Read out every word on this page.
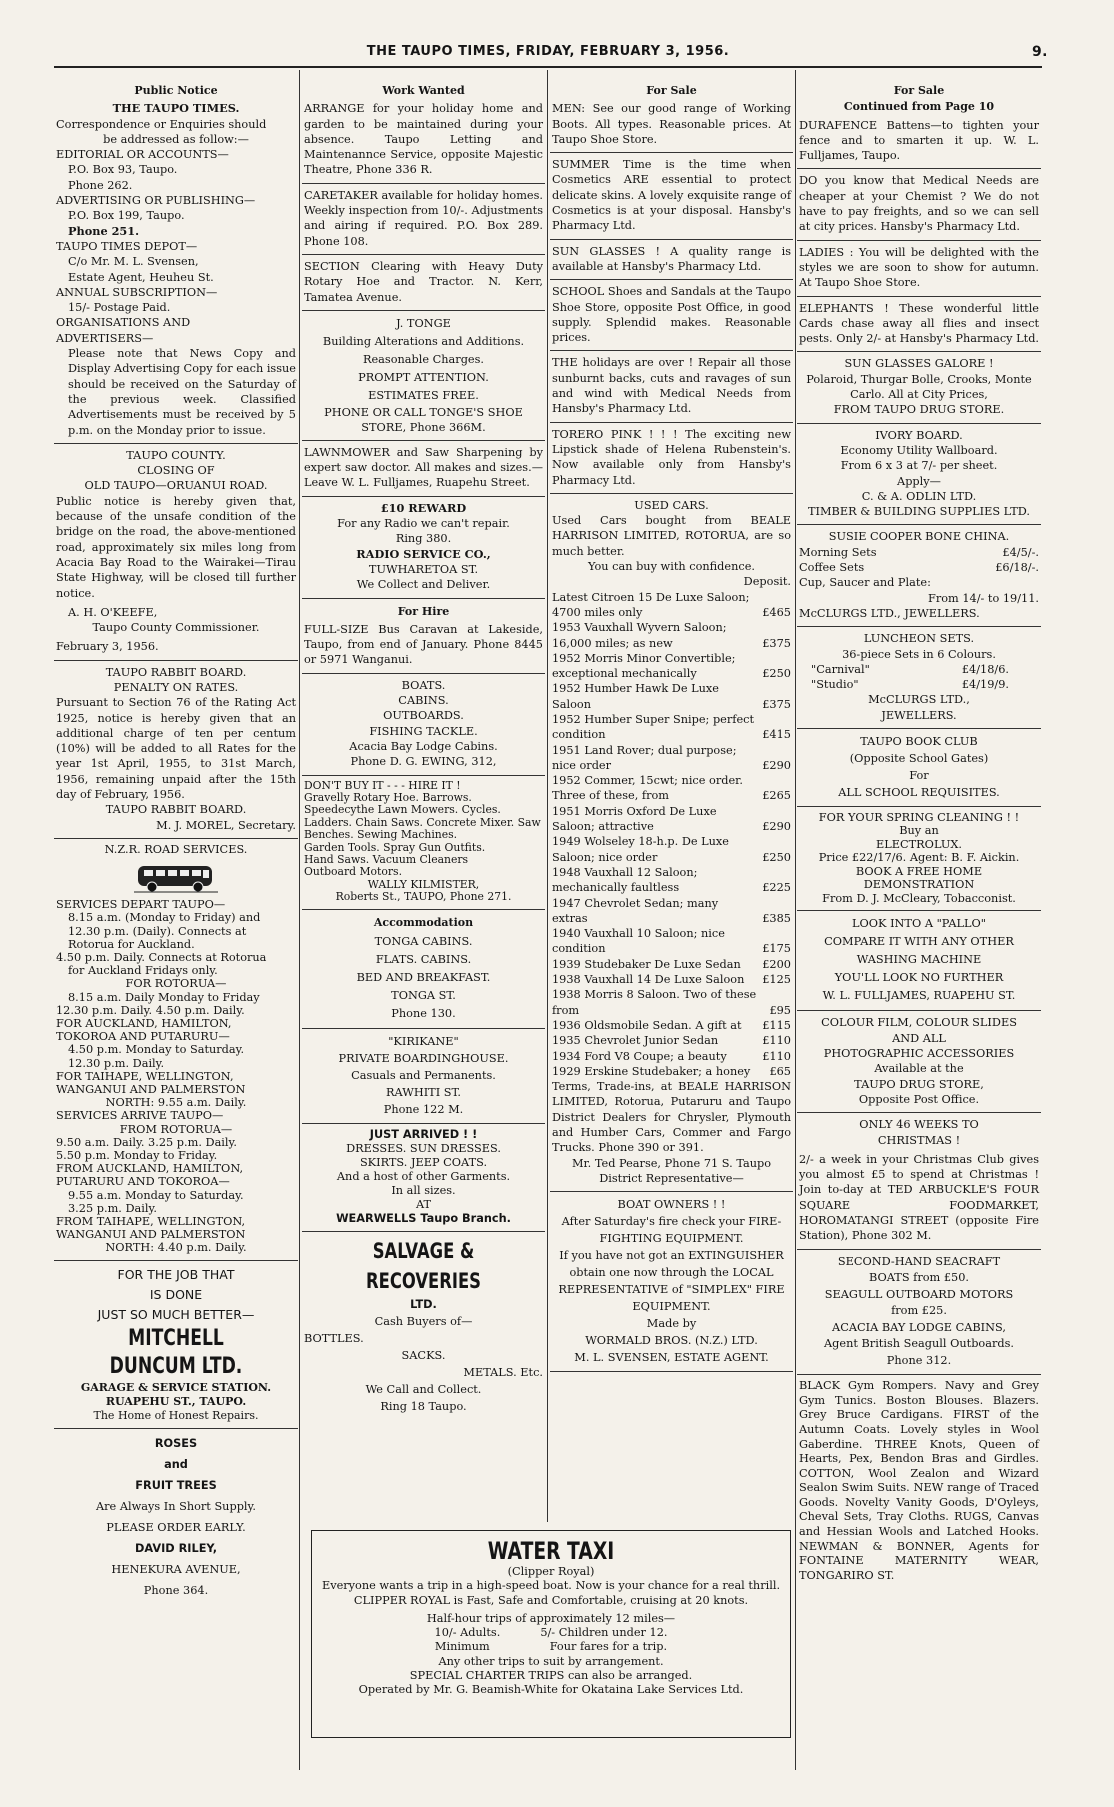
THE TAUPO TIMES, FRIDAY, FEBRUARY 3, 1956.	9.
Public Notice
THE TAUPO TIMES.
Correspondence or Enquiries should
be addressed as follow:—
EDITORIAL OR ACCOUNTS—
P.O. Box 93, Taupo.
Phone 262.
ADVERTISING OR PUBLISHING—
P.O. Box 199, Taupo.
Phone 251.
TAUPO TIMES DEPOT—
C/o Mr. M. L. Svensen,
Estate Agent, Heuheu St.
ANNUAL SUBSCRIPTION—
15/- Postage Paid.
ORGANISATIONS AND
ADVERTISERS—
Please note that News Copy and Display Advertising Copy for each issue should be received on the Saturday of the previous week. Classified Advertisements must be received by 5 p.m. on the Monday prior to issue.
TAUPO COUNTY.
CLOSING OF
OLD TAUPO—ORUANUI ROAD.
Public notice is hereby given that, because of the unsafe condition of the bridge on the road, the above-mentioned road, approximately six miles long from Acacia Bay Road to the Wairakei—Tirau State Highway, will be closed till further notice.
A. H. O'KEEFE,
Taupo County Commissioner.
February 3, 1956.
TAUPO RABBIT BOARD.
PENALTY ON RATES.
Pursuant to Section 76 of the Rating Act 1925, notice is hereby given that an additional charge of ten per centum (10%) will be added to all Rates for the year 1st April, 1955, to 31st March, 1956, remaining unpaid after the 15th day of February, 1956.
TAUPO RABBIT BOARD.
M. J. MOREL, Secretary.
N.Z.R. ROAD SERVICES.
SERVICES DEPART TAUPO—
8.15 a.m. (Monday to Friday) and
12.30 p.m. (Daily). Connects at
Rotorua for Auckland.
4.50 p.m. Daily. Connects at Rotorua
for Auckland Fridays only.
FOR ROTORUA—
8.15 a.m. Daily Monday to Friday
12.30 p.m. Daily. 4.50 p.m. Daily.
FOR AUCKLAND, HAMILTON,
TOKOROA AND PUTARURU—
4.50 p.m. Monday to Saturday.
12.30 p.m. Daily.
FOR TAIHAPE, WELLINGTON,
WANGANUI AND PALMERSTON
NORTH: 9.55 a.m. Daily.
SERVICES ARRIVE TAUPO—
FROM ROTORUA—
9.50 a.m. Daily. 3.25 p.m. Daily.
5.50 p.m. Monday to Friday.
FROM AUCKLAND, HAMILTON,
PUTARURU AND TOKOROA—
9.55 a.m. Monday to Saturday.
3.25 p.m. Daily.
FROM TAIHAPE, WELLINGTON,
WANGANUI AND PALMERSTON
NORTH: 4.40 p.m. Daily.
FOR THE JOB THAT
IS DONE
JUST SO MUCH BETTER—
MITCHELL
DUNCUM LTD.
GARAGE & SERVICE STATION.
RUAPEHU ST., TAUPO.
The Home of Honest Repairs.
ROSES
and
FRUIT TREES
Are Always In Short Supply.
PLEASE ORDER EARLY.
DAVID RILEY,
HENEKURA AVENUE,
Phone 364.
Work Wanted
ARRANGE for your holiday home and garden to be maintained during your absence. Taupo Letting and Maintenannce Service, opposite Majestic Theatre, Phone 336 R.
CARETAKER available for holiday homes. Weekly inspection from 10/-. Adjustments and airing if required. P.O. Box 289. Phone 108.
SECTION Clearing with Heavy Duty Rotary Hoe and Tractor. N. Kerr, Tamatea Avenue.
J. TONGE
Building Alterations and Additions.
Reasonable Charges.
PROMPT ATTENTION.
ESTIMATES FREE.
PHONE OR CALL TONGE'S SHOE STORE, Phone 366M.
LAWNMOWER and Saw Sharpening by expert saw doctor. All makes and sizes.—Leave W. L. Fulljames, Ruapehu Street.
£10 REWARD
For any Radio we can't repair.
Ring 380.
RADIO SERVICE CO.,
TUWHARETOA ST.
We Collect and Deliver.
For Hire
FULL-SIZE Bus Caravan at Lakeside, Taupo, from end of January. Phone 8445 or 5971 Wanganui.
BOATS.
CABINS.
OUTBOARDS.
FISHING TACKLE.
Acacia Bay Lodge Cabins.
Phone D. G. EWING, 312,
DON'T BUY IT - - - HIRE IT !
Gravelly Rotary Hoe. Barrows.
Speedecythe Lawn Mowers. Cycles.
Ladders. Chain Saws. Concrete Mixer. Saw Benches. Sewing Machines.
Garden Tools. Spray Gun Outfits.
Hand Saws. Vacuum Cleaners
Outboard Motors.
WALLY KILMISTER,
Roberts St., TAUPO, Phone 271.
Accommodation
TONGA CABINS.
FLATS. CABINS.
BED AND BREAKFAST.
TONGA ST.
Phone 130.
"KIRIKANE"
PRIVATE BOARDINGHOUSE.
Casuals and Permanents.
RAWHITI ST.
Phone 122 M.
JUST ARRIVED ! !
DRESSES. SUN DRESSES.
SKIRTS. JEEP COATS.
And a host of other Garments.
In all sizes.
AT
WEARWELLS Taupo Branch.
SALVAGE & RECOVERIES
LTD.
Cash Buyers of—
BOTTLES.
SACKS.
METALS. Etc.
We Call and Collect.
Ring 18 Taupo.
For Sale
MEN: See our good range of Working Boots. All types. Reasonable prices. At Taupo Shoe Store.
SUMMER Time is the time when Cosmetics ARE essential to protect delicate skins. A lovely exquisite range of Cosmetics is at your disposal. Hansby's Pharmacy Ltd.
SUN GLASSES ! A quality range is available at Hansby's Pharmacy Ltd.
SCHOOL Shoes and Sandals at the Taupo Shoe Store, opposite Post Office, in good supply. Splendid makes. Reasonable prices.
THE holidays are over ! Repair all those sunburnt backs, cuts and ravages of sun and wind with Medical Needs from Hansby's Pharmacy Ltd.
TORERO PINK ! ! ! The exciting new Lipstick shade of Helena Rubenstein's. Now available only from Hansby's Pharmacy Ltd.
USED CARS.
Used Cars bought from BEALE HARRISON LIMITED, ROTORUA, are so much better.
You can buy with confidence.
Deposit.
Latest Citroen 15 De Luxe Saloon; 4700 miles only	£465
1953 Vauxhall Wyvern Saloon; 16,000 miles; as new	£375
1952 Morris Minor Convertible; exceptional mechanically	£250
1952 Humber Hawk De Luxe Saloon	£375
1952 Humber Super Snipe; perfect condition	£415
1951 Land Rover; dual purpose; nice order	£290
1952 Commer, 15cwt; nice order. Three of these, from	£265
1951 Morris Oxford De Luxe Saloon; attractive	£290
1949 Wolseley 18-h.p. De Luxe Saloon; nice order	£250
1948 Vauxhall 12 Saloon; mechanically faultless	£225
1947 Chevrolet Sedan; many extras	£385
1940 Vauxhall 10 Saloon; nice condition	£175
1939 Studebaker De Luxe Sedan	£200
1938 Vauxhall 14 De Luxe Saloon	£125
1938 Morris 8 Saloon. Two of these from	£95
1936 Oldsmobile Sedan. A gift at	£115
1935 Chevrolet Junior Sedan	£110
1934 Ford V8 Coupe; a beauty	£110
1929 Erskine Studebaker; a honey	£65
Terms, Trade-ins, at BEALE HARRISON LIMITED, Rotorua, Putaruru and Taupo District Dealers for Chrysler, Plymouth and Humber Cars, Commer and Fargo Trucks. Phone 390 or 391.
Mr. Ted Pearse, Phone 71 S. Taupo District Representative—
BOAT OWNERS ! !
After Saturday's fire check your FIRE-FIGHTING EQUIPMENT.
If you have not got an EXTINGUISHER
obtain one now through the LOCAL REPRESENTATIVE of "SIMPLEX" FIRE EQUIPMENT.
Made by
WORMALD BROS. (N.Z.) LTD.
M. L. SVENSEN, ESTATE AGENT.
For Sale
Continued from Page 10
DURAFENCE Battens—to tighten your fence and to smarten it up. W. L. Fulljames, Taupo.
DO you know that Medical Needs are cheaper at your Chemist ? We do not have to pay freights, and so we can sell at city prices. Hansby's Pharmacy Ltd.
LADIES : You will be delighted with the styles we are soon to show for autumn. At Taupo Shoe Store.
ELEPHANTS ! These wonderful little Cards chase away all flies and insect pests. Only 2/- at Hansby's Pharmacy Ltd.
SUN GLASSES GALORE !
Polaroid, Thurgar Bolle, Crooks, Monte Carlo. All at City Prices,
FROM TAUPO DRUG STORE.
IVORY BOARD.
Economy Utility Wallboard.
From 6 x 3 at 7/- per sheet.
Apply—
C. & A. ODLIN LTD.
TIMBER & BUILDING SUPPLIES LTD.
SUSIE COOPER BONE CHINA.
Morning Sets	£4/5/-.
Coffee Sets	£6/18/-.
Cup, Saucer and Plate:
From 14/- to 19/11.
McCLURGS LTD., JEWELLERS.
LUNCHEON SETS.
36-piece Sets in 6 Colours.
"Carnival"	£4/18/6.
"Studio"	£4/19/9.
McCLURGS LTD.,
JEWELLERS.
TAUPO BOOK CLUB
(Opposite School Gates)
For
ALL SCHOOL REQUISITES.
FOR YOUR SPRING CLEANING ! !
Buy an
ELECTROLUX.
Price £22/17/6. Agent: B. F. Aickin.
BOOK A FREE HOME
DEMONSTRATION
From D. J. McCleary, Tobacconist.
LOOK INTO A "PALLO"
COMPARE IT WITH ANY OTHER
WASHING MACHINE
YOU'LL LOOK NO FURTHER
W. L. FULLJAMES, RUAPEHU ST.
COLOUR FILM, COLOUR SLIDES
AND ALL
PHOTOGRAPHIC ACCESSORIES
Available at the
TAUPO DRUG STORE,
Opposite Post Office.
ONLY 46 WEEKS TO
CHRISTMAS !
2/- a week in your Christmas Club gives you almost £5 to spend at Christmas ! Join to-day at TED ARBUCKLE'S FOUR SQUARE FOODMARKET, HOROMATANGI STREET (opposite Fire Station), Phone 302 M.
SECOND-HAND SEACRAFT
BOATS from £50.
SEAGULL OUTBOARD MOTORS
from £25.
ACACIA BAY LODGE CABINS,
Agent British Seagull Outboards.
Phone 312.
BLACK Gym Rompers. Navy and Grey Gym Tunics. Boston Blouses. Blazers. Grey Bruce Cardigans. FIRST of the Autumn Coats. Lovely styles in Wool Gaberdine. THREE Knots, Queen of Hearts, Pex, Bendon Bras and Girdles. COTTON, Wool Zealon and Wizard Sealon Swim Suits. NEW range of Traced Goods. Novelty Vanity Goods, D'Oyleys, Cheval Sets, Tray Cloths. RUGS, Canvas and Hessian Wools and Latched Hooks. NEWMAN & BONNER, Agents for FONTAINE MATERNITY WEAR, TONGARIRO ST.
WATER TAXI
(Clipper Royal)
Everyone wants a trip in a high-speed boat. Now is your chance for a real thrill.
CLIPPER ROYAL is Fast, Safe and Comfortable, cruising at 20 knots.
Half-hour trips of approximately 12 miles—
10/- Adults.	5/- Children under 12.
Minimum	Four fares for a trip.
Any other trips to suit by arrangement.
SPECIAL CHARTER TRIPS can also be arranged.
Operated by Mr. G. Beamish-White for Okataina Lake Services Ltd.
